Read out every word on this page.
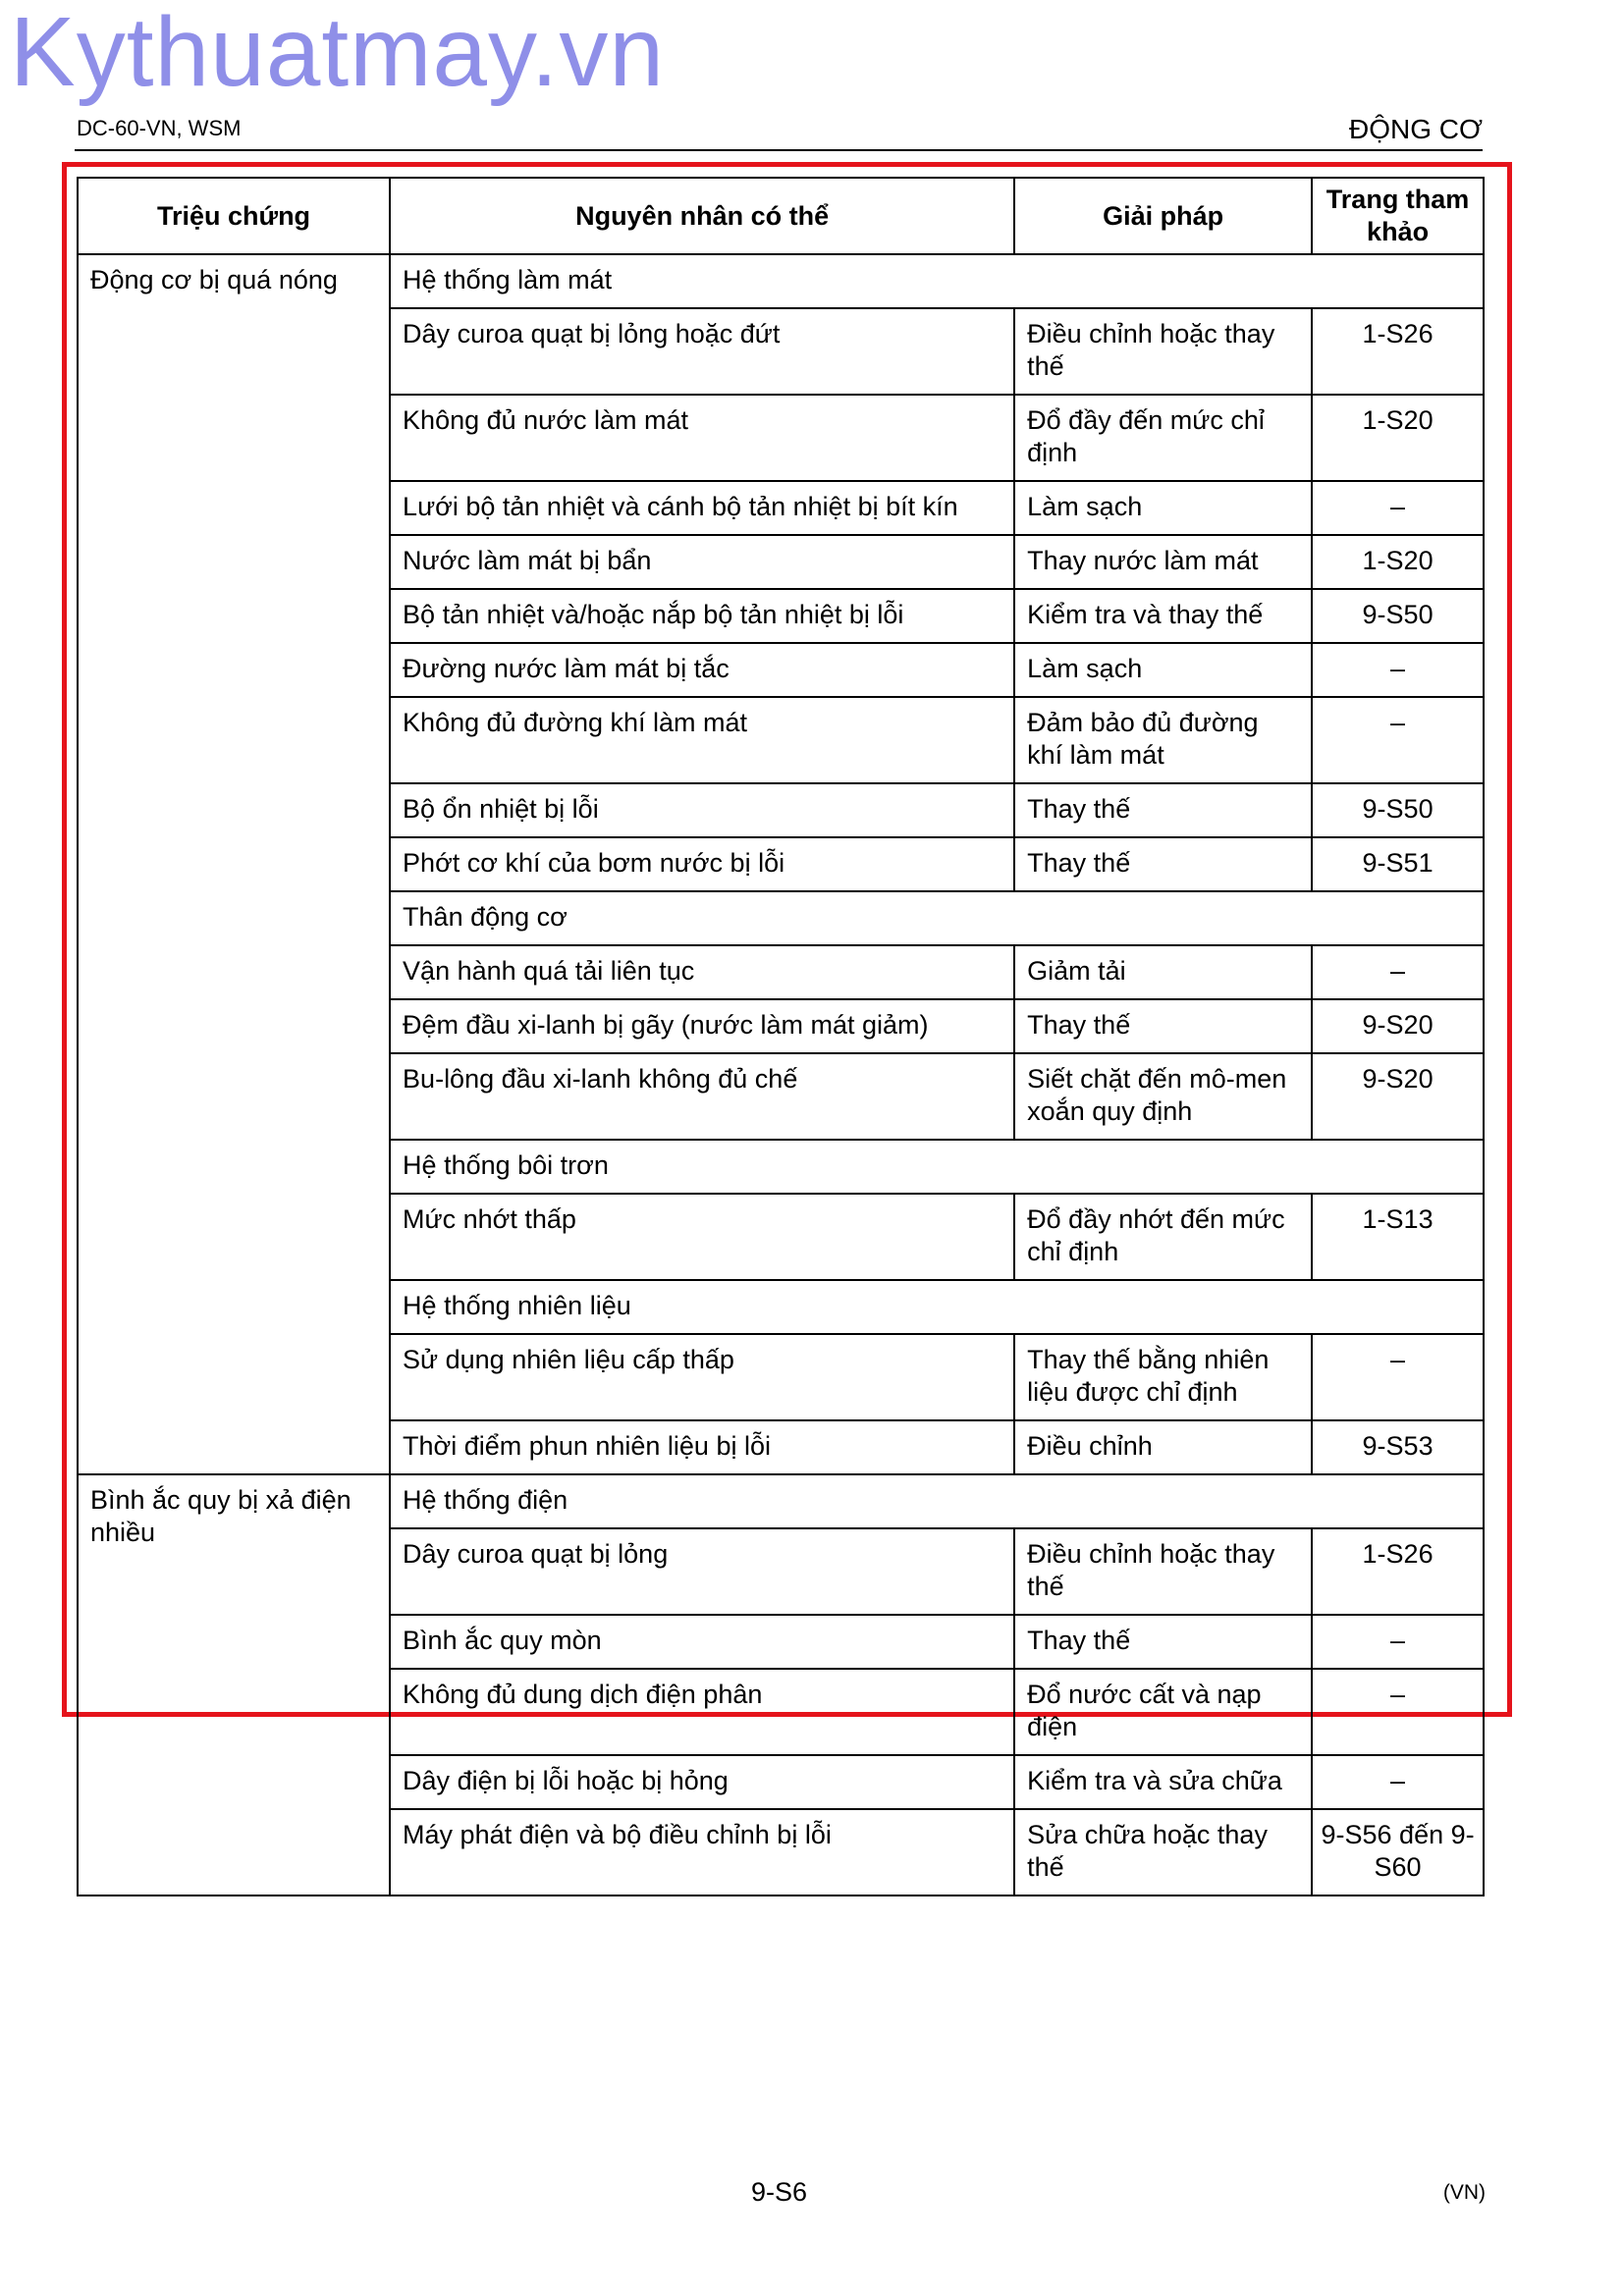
Kythuatmay.vn
DC-60-VN, WSM	ĐỘNG CƠ
Triệu chứng	Nguyên nhân có thể	Giải pháp	Trang tham khảo
Động cơ bị quá nóng	Hệ thống làm mát		
	Dây curoa quạt bị lỏng hoặc đứt	Điều chỉnh hoặc thay thế	1-S26
	Không đủ nước làm mát	Đổ đầy đến mức chỉ định	1-S20
	Lưới bộ tản nhiệt và cánh bộ tản nhiệt bị bít kín	Làm sạch	–
	Nước làm mát bị bẩn	Thay nước làm mát	1-S20
	Bộ tản nhiệt và/hoặc nắp bộ tản nhiệt bị lỗi	Kiểm tra và thay thế	9-S50
	Đường nước làm mát bị tắc	Làm sạch	–
	Không đủ đường khí làm mát	Đảm bảo đủ đường khí làm mát	–
	Bộ ổn nhiệt bị lỗi	Thay thế	9-S50
	Phớt cơ khí của bơm nước bị lỗi	Thay thế	9-S51
	Thân động cơ		
	Vận hành quá tải liên tục	Giảm tải	–
	Đệm đầu xi-lanh bị gãy (nước làm mát giảm)	Thay thế	9-S20
	Bu-lông đầu xi-lanh không đủ chế	Siết chặt đến mô-men xoắn quy định	9-S20
	Hệ thống bôi trơn		
	Mức nhớt thấp	Đổ đầy nhớt đến mức chỉ định	1-S13
	Hệ thống nhiên liệu		
	Sử dụng nhiên liệu cấp thấp	Thay thế bằng nhiên liệu được chỉ định	–
	Thời điểm phun nhiên liệu bị lỗi	Điều chỉnh	9-S53
Bình ắc quy bị xả điện nhiều	Hệ thống điện		
	Dây curoa quạt bị lỏng	Điều chỉnh hoặc thay thế	1-S26
	Bình ắc quy mòn	Thay thế	–
	Không đủ dung dịch điện phân	Đổ nước cất và nạp điện	–
	Dây điện bị lỗi hoặc bị hỏng	Kiểm tra và sửa chữa	–
	Máy phát điện và bộ điều chỉnh bị lỗi	Sửa chữa hoặc thay thế	9-S56 đến 9-S60
9-S6	(VN)
